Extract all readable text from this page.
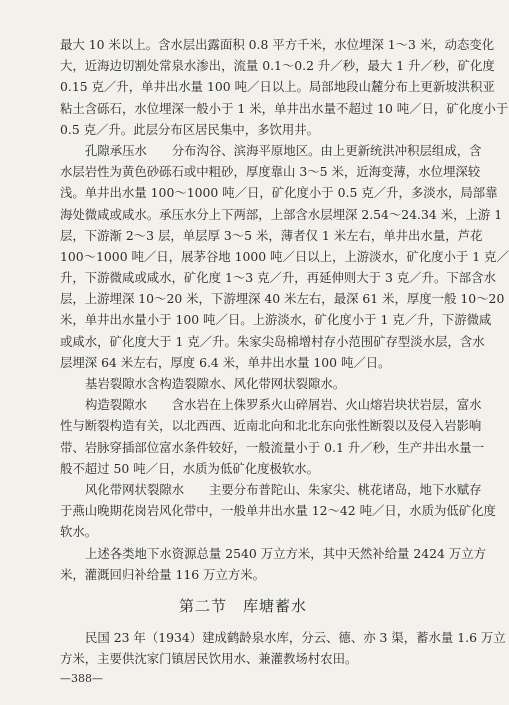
最大 10 米以上。含水层出露面积 0.8 平方千米，水位埋深 1～3 米，动态变化
大，近海边切割处常泉水渗出，流量 0.1～0.2 升／秒，最大 1 升／秒，矿化度
0.15 克／升，单井出水量 100 吨／日以上。局部地段山麓分布上更新坡洪积亚
粘土含砾石，水位埋深一般小于 1 米，单井出水量不超过 10 吨／日，矿化度小于
0.5 克／升。此层分布区居民集中，多饮用井。
孔隙承压水　　分布沟谷、滨海平原地区。由上更新统洪冲积层组成，含
水层岩性为黄色砂砾石或中粗砂，厚度靠山 3～5 米，近海变薄，水位埋深较
浅。单井出水量 100～1000 吨／日，矿化度小于 0.5 克／升，多淡水，局部靠
海处微咸或咸水。承压水分上下两部，上部含水层埋深 2.54～24.34 米，上游 1
层，下游渐 2～3 层，单层厚 3～5 米，薄者仅 1 米左右，单井出水量，芦花
100～1000 吨／日，展茅谷地 1000 吨／日以上，上游淡水，矿化度小于 1 克／
升，下游微咸或咸水，矿化度 1～3 克／升，再延伸则大于 3 克／升。下部含水
层，上游埋深 10～20 米，下游埋深 40 米左右，最深 61 米，厚度一般 10～20
米，单井出水量小于 100 吨／日。上游淡水，矿化度小于 1 克／升，下游微咸
或咸水，矿化度大于 1 克／升。朱家尖岛棉增村存小范围矿存型淡水层，含水
层埋深 64 米左右，厚度 6.4 米，单井出水量 100 吨／日。
基岩裂隙水含构造裂隙水、风化带网状裂隙水。
构造裂隙水　　含水岩在上侏罗系火山碎屑岩、火山熔岩块状岩层，富水
性与断裂构造有关，以北西西、近南北向和北北东向张性断裂以及侵入岩影响
带、岩脉穿插部位富水条件较好，一般流量小于 0.1 升／秒，生产井出水量一
般不超过 50 吨／日，水质为低矿化度极软水。
风化带网状裂隙水　　主要分布普陀山、朱家尖、桃花诸岛，地下水赋存
于燕山晚期花岗岩风化带中，一般单井出水量 12～42 吨／日，水质为低矿化度
软水。
上述各类地下水资源总量 2540 万立方米，其中天然补给量 2424 万立方
米，灌溉回归补给量 116 万立方米。
第二节 库塘蓄水
民国 23 年（1934）建成鹤龄泉水库，分云、德、亦 3 渠，蓄水量 1.6 万立
方米，主要供沈家门镇居民饮用水、兼灌教场村农田。
—388—
